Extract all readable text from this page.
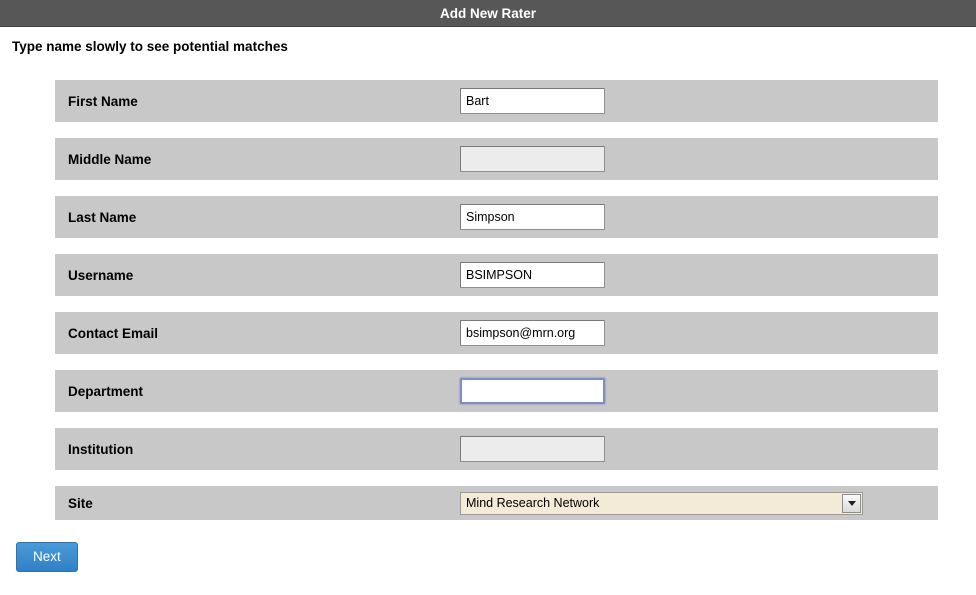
Add New Rater
Type name slowly to see potential matches
First Name
Bart
Middle Name
Last Name
Simpson
Username
BSIMPSON
Contact Email
bsimpson@mrn.org
Department
Institution
Site	Mind Research Network
Next
